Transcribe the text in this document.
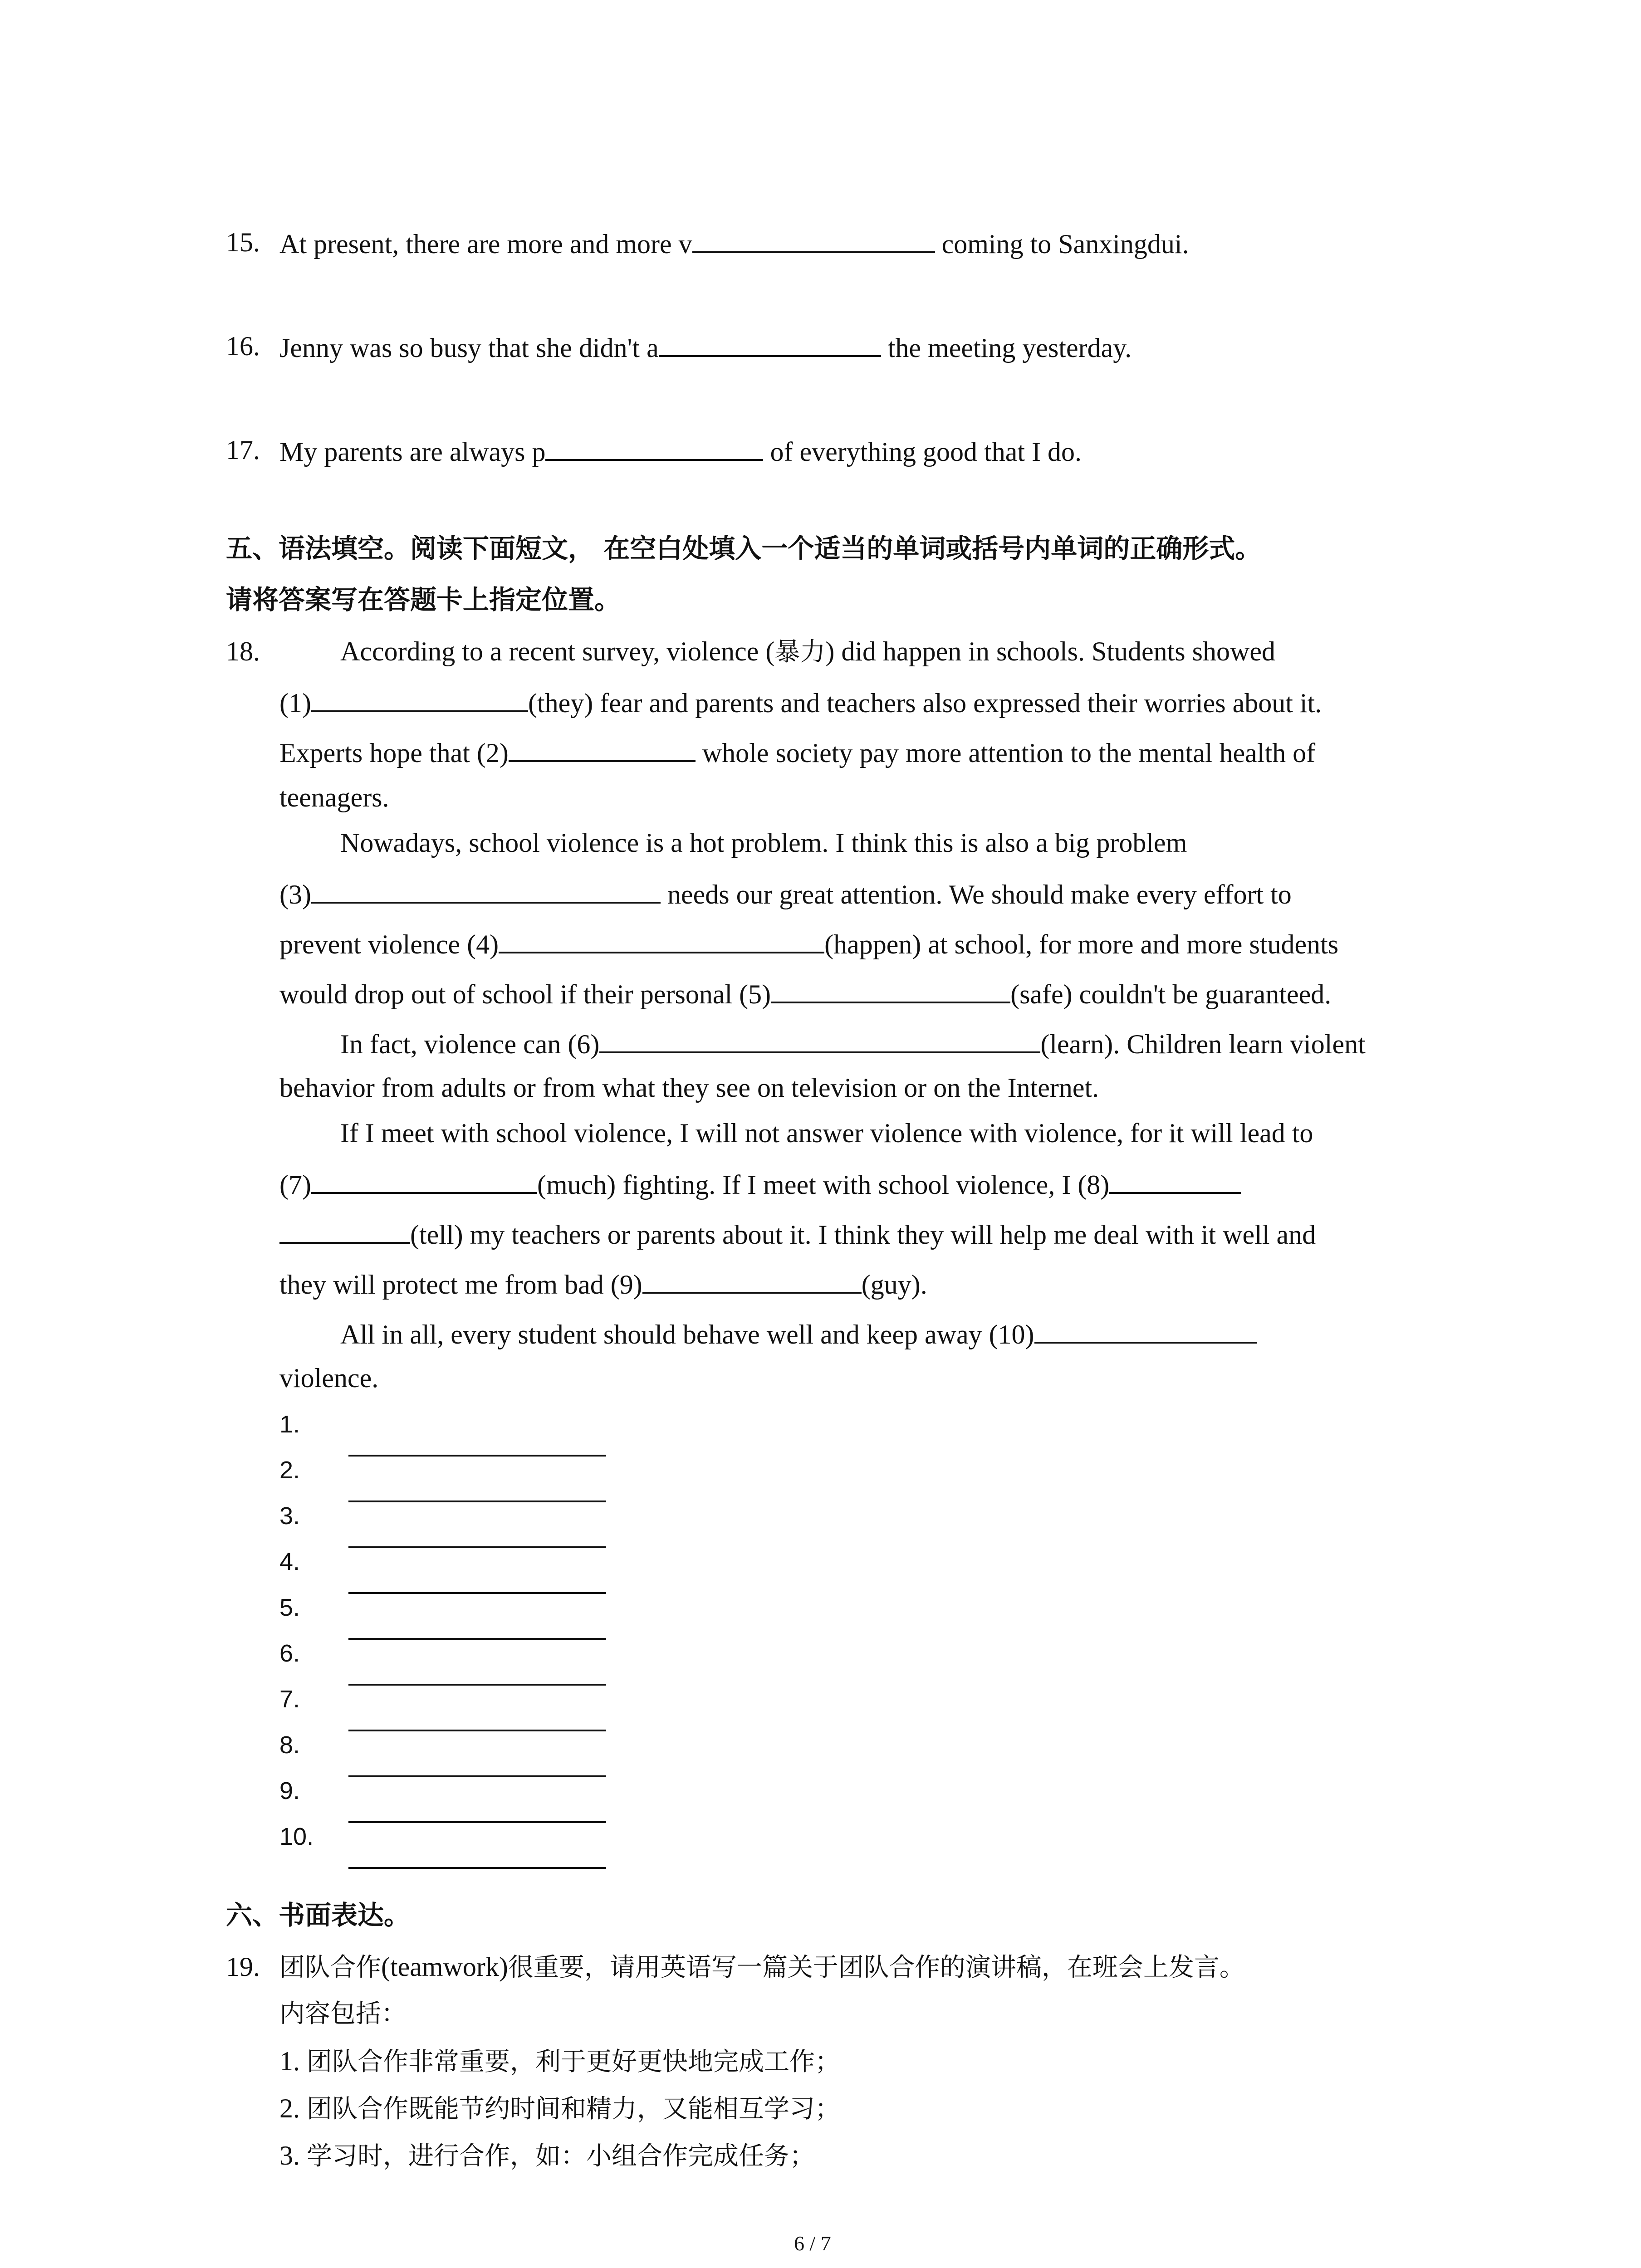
15. At present, there are more and more v	coming to Sanxingdui.
16. Jenny was so busy that she didn't a	the meeting yesterday.
17. My parents are always p	of everything good that I do.
五、语法填空。阅读下面短文， 在空白处填入一个适当的单词或括号内单词的正确形式。
请将答案写在答题卡上指定位置。
18.	According to a recent survey, violence (暴力) did happen in schools. Students showed
(1)	(they) fear and parents and teachers also expressed their worries about it.
Experts hope that (2)	whole society pay more attention to the mental health of
teenagers.
Nowadays, school violence is a hot problem. I think this is also a big problem
(3)	needs our great attention. We should make every effort to
prevent violence (4)	(happen) at school, for more and more students
would drop out of school if their personal (5)	(safe) couldn't be guaranteed.
In fact, violence can (6)	(learn). Children learn violent
behavior from adults or from what they see on television or on the Internet.
If I meet with school violence, I will not answer violence with violence, for it will lead to
(7)	(much) fighting. If I meet with school violence, I (8)
(tell) my teachers or parents about it. I think they will help me deal with it well and
they will protect me from bad (9)	(guy).
All in all, every student should behave well and keep away (10)
violence.
1.
2.
3.
4.
5.
6.
7.
8.
9.
10.
六、书面表达。
19. 团队合作(teamwork)很重要，请用英语写一篇关于团队合作的演讲稿，在班会上发言。
内容包括：
1. 团队合作非常重要，利于更好更快地完成工作；
2. 团队合作既能节约时间和精力，又能相互学习；
3. 学习时，进行合作，如：小组合作完成任务；
6 / 7
